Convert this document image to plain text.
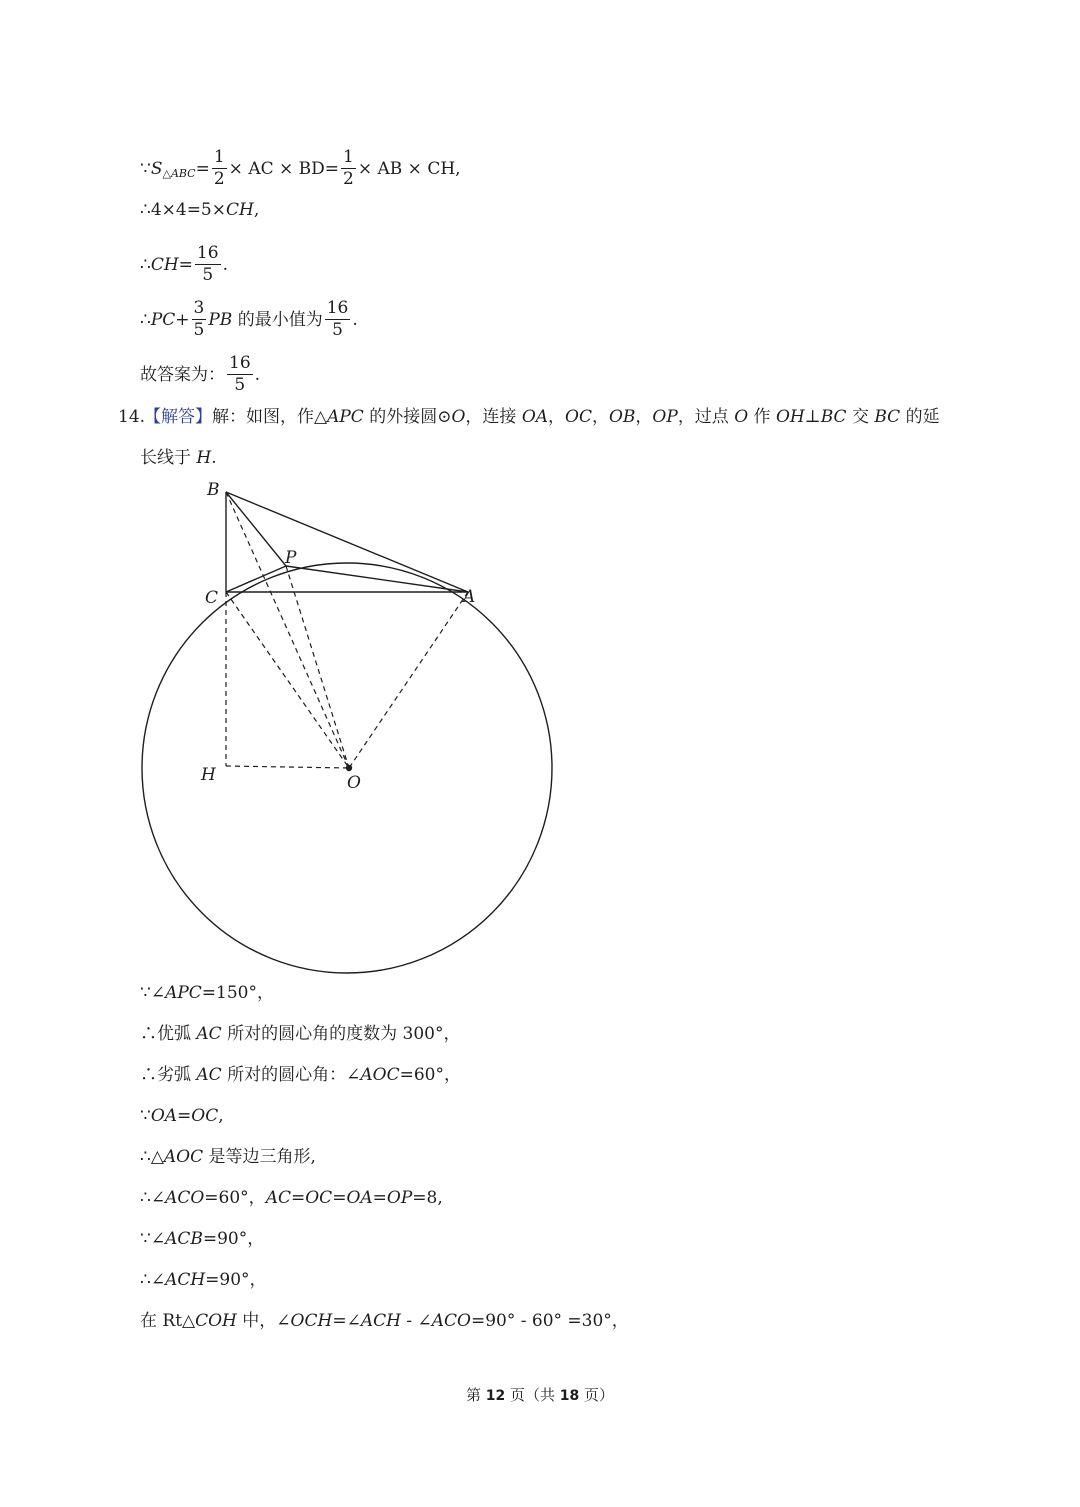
∵ S △ABC = $\frac{1}{2}$ × AC × $BD= \frac{1}{2}$ × AB × CH,
∴4×4=5× CH ,
∴ CH = $\frac{16}{5}$ .
∴ PC + $\frac{3}{5}$ PB 的最小值为 $\frac{16}{5}$ .
故答案为： $\frac{16}{5}$ .
14.
【解答】 解：如图，作△ APC 的外接圆⊙ O ，连接 OA ， OC ， OB ， OP ，过点 O 作 OH ⊥ BC 交 BC 的延
长线于 H .
B
P
C	A
H	O
∵∠ APC =150°，
∴优弧 AC 所对的圆心角的度数为 300°，
∴劣弧 AC 所对的圆心角：∠ AOC =60°，
∵ OA = OC ,
∴△ AOC 是等边三角形,
∴∠ ACO =60°， AC = OC = OA = OP =8,
∵∠ ACB =90°，
∴∠ ACH =90°，
在 Rt△ COH 中，∠ OCH =∠ ACH - ∠ ACO =90° - 60° =30°，
第 12 页（共 18 页）
